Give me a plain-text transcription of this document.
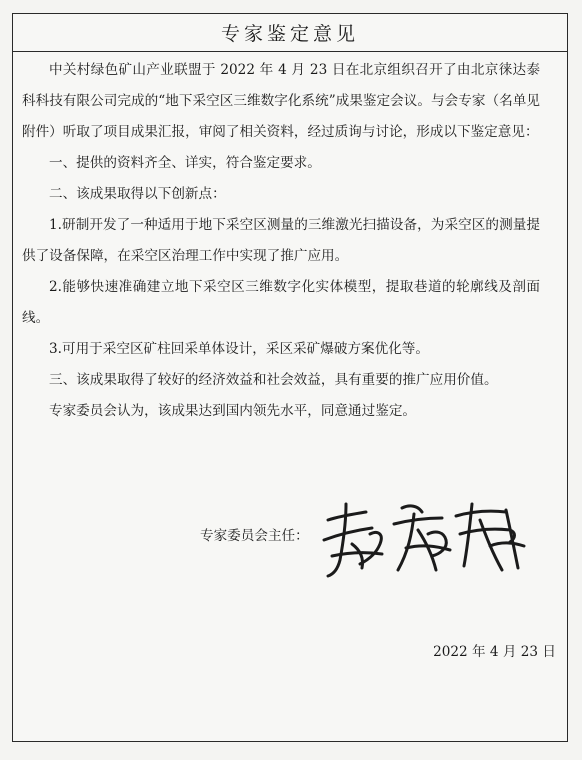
专家鉴定意见

中关村绿色矿山产业联盟于 2022 年 4 月 23 日在北京组织召开了由北京徕达泰科科技有限公司完成的“地下采空区三维数字化系统”成果鉴定会议。与会专家（名单见附件）听取了项目成果汇报，审阅了相关资料，经过质询与讨论，形成以下鉴定意见：

一、提供的资料齐全、详实，符合鉴定要求。

二、该成果取得以下创新点：

1.研制开发了一种适用于地下采空区测量的三维激光扫描设备，为采空区的测量提供了设备保障，在采空区治理工作中实现了推广应用。

2.能够快速准确建立地下采空区三维数字化实体模型，提取巷道的轮廓线及剖面线。

3.可用于采空区矿柱回采单体设计，采区采矿爆破方案优化等。

三、该成果取得了较好的经济效益和社会效益，具有重要的推广应用价值。

专家委员会认为，该成果达到国内领先水平，同意通过鉴定。

专家委员会主任：
2022 年 4 月 23 日
